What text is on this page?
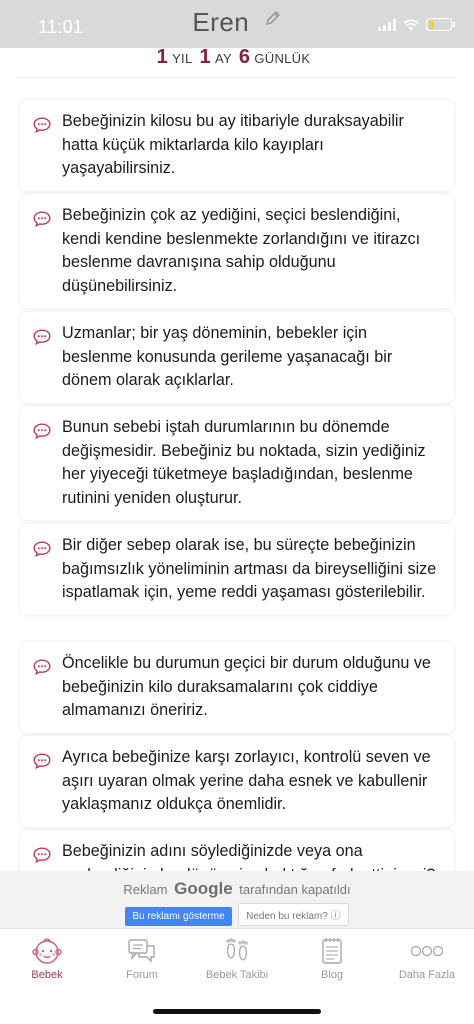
11:01	Eren
1 YIL 1 AY 6 GÜNLÜK
Bebeğinizin kilosu bu ay itibariyle duraksayabilir hatta küçük miktarlarda kilo kayıpları yaşayabilirsiniz.
Bebeğinizin çok az yediğini, seçici beslendiğini, kendi kendine beslenmekte zorlandığını ve itirazcı beslenme davranışına sahip olduğunu düşünebilirsiniz.
Uzmanlar; bir yaş döneminin, bebekler için beslenme konusunda gerileme yaşanacağı bir dönem olarak açıklarlar.
Bunun sebebi iştah durumlarının bu dönemde değişmesidir. Bebeğiniz bu noktada, sizin yediğiniz her yiyeceği tüketmeye başladığından, beslenme rutinini yeniden oluşturur.
Bir diğer sebep olarak ise, bu süreçte bebeğinizin bağımsızlık yöneliminin artması da bireyselliğini size ispatlamak için, yeme reddi yaşaması gösterilebilir.
Öncelikle bu durumun geçici bir durum olduğunu ve bebeğinizin kilo duraksamalarını çok ciddiye almamanızı öneririz.
Ayrıca bebeğinize karşı zorlayıcı, kontrolü seven ve aşırı uyaran olmak yerine daha esnek ve kabullenir yaklaşmanız oldukça önemlidir.
Bebeğinizin adını söylediğinizde veya ona
Reklam Google tarafından kapatıldı
Bu reklamı gösterme Neden bu reklam? ⓘ
Bebek	Forum	Bebek Takibi	Blog	Daha Fazla
